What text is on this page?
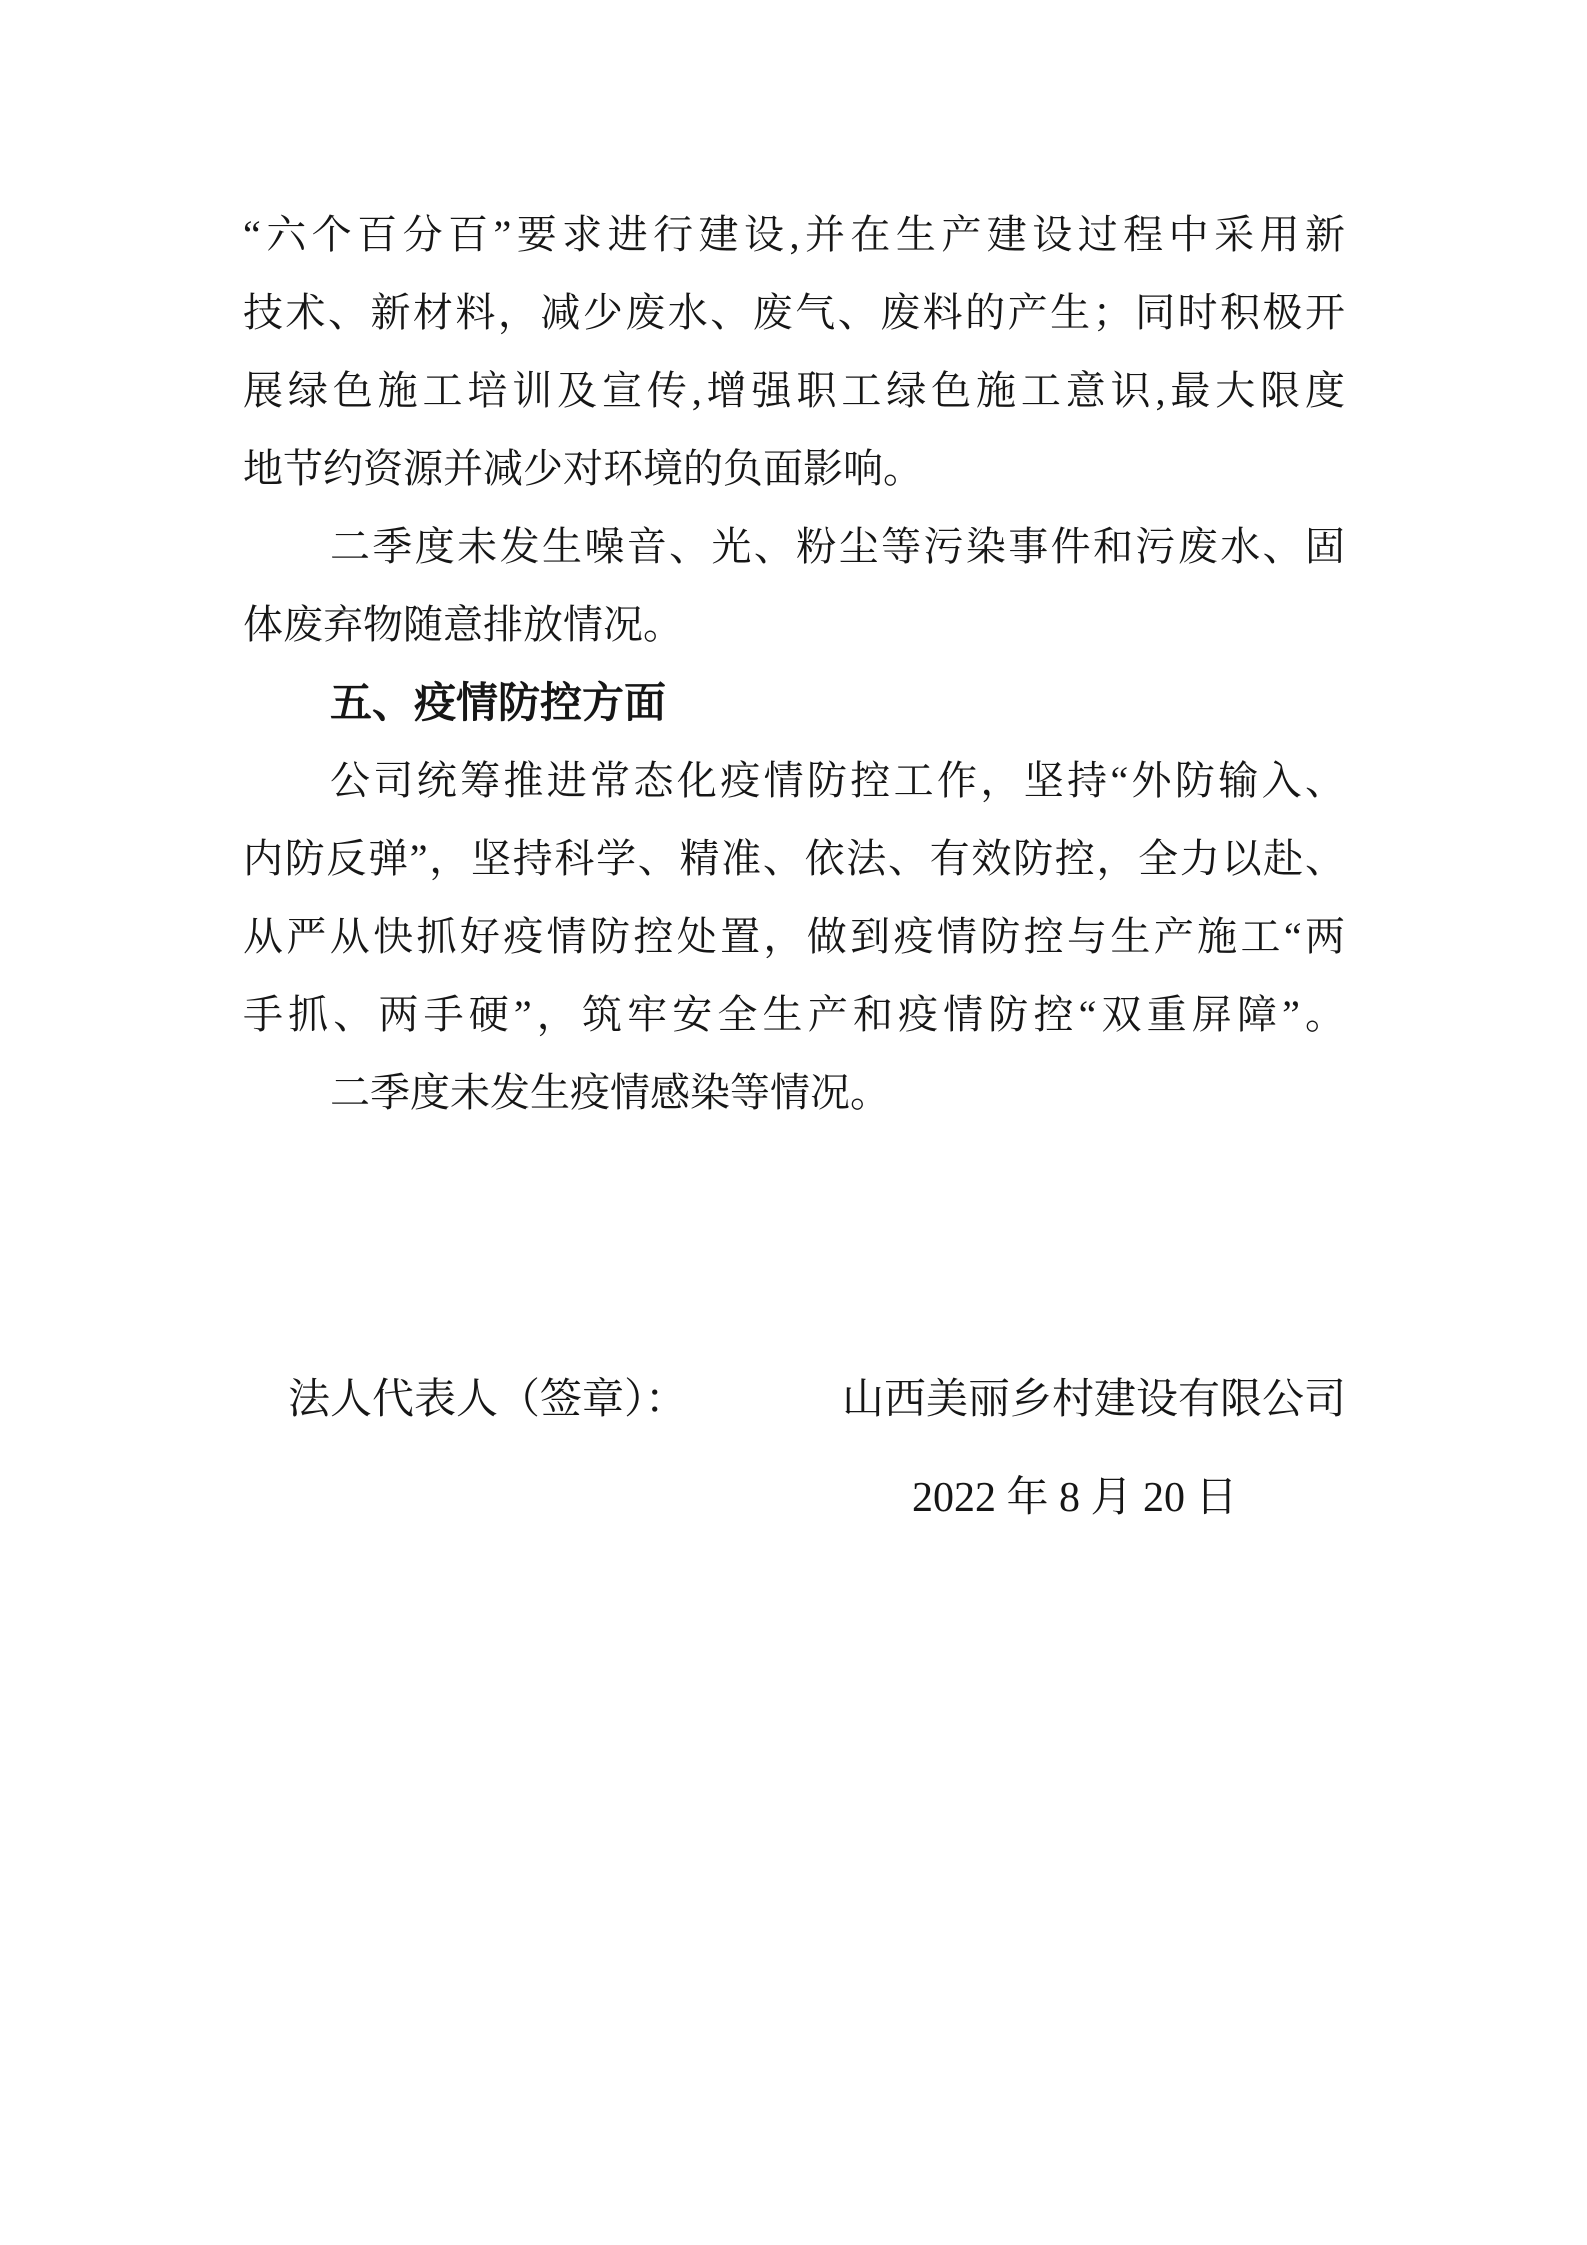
“六个百分百”要求进行建设,并在生产建设过程中采用新
技术、新材料，减少废水、废气、废料的产生；同时积极开
展绿色施工培训及宣传,增强职工绿色施工意识,最大限度
地节约资源并减少对环境的负面影响。
二季度未发生噪音、光、粉尘等污染事件和污废水、固
体废弃物随意排放情况。
五、疫情防控方面
公司统筹推进常态化疫情防控工作，坚持“外防输入、
内防反弹”，坚持科学、精准、依法、有效防控，全力以赴、
从严从快抓好疫情防控处置，做到疫情防控与生产施工“两
手抓、两手硬”，筑牢安全生产和疫情防控“双重屏障”。
二季度未发生疫情感染等情况。
法人代表人（签章）：	山西美丽乡村建设有限公司
2022 年 8 月 20 日
